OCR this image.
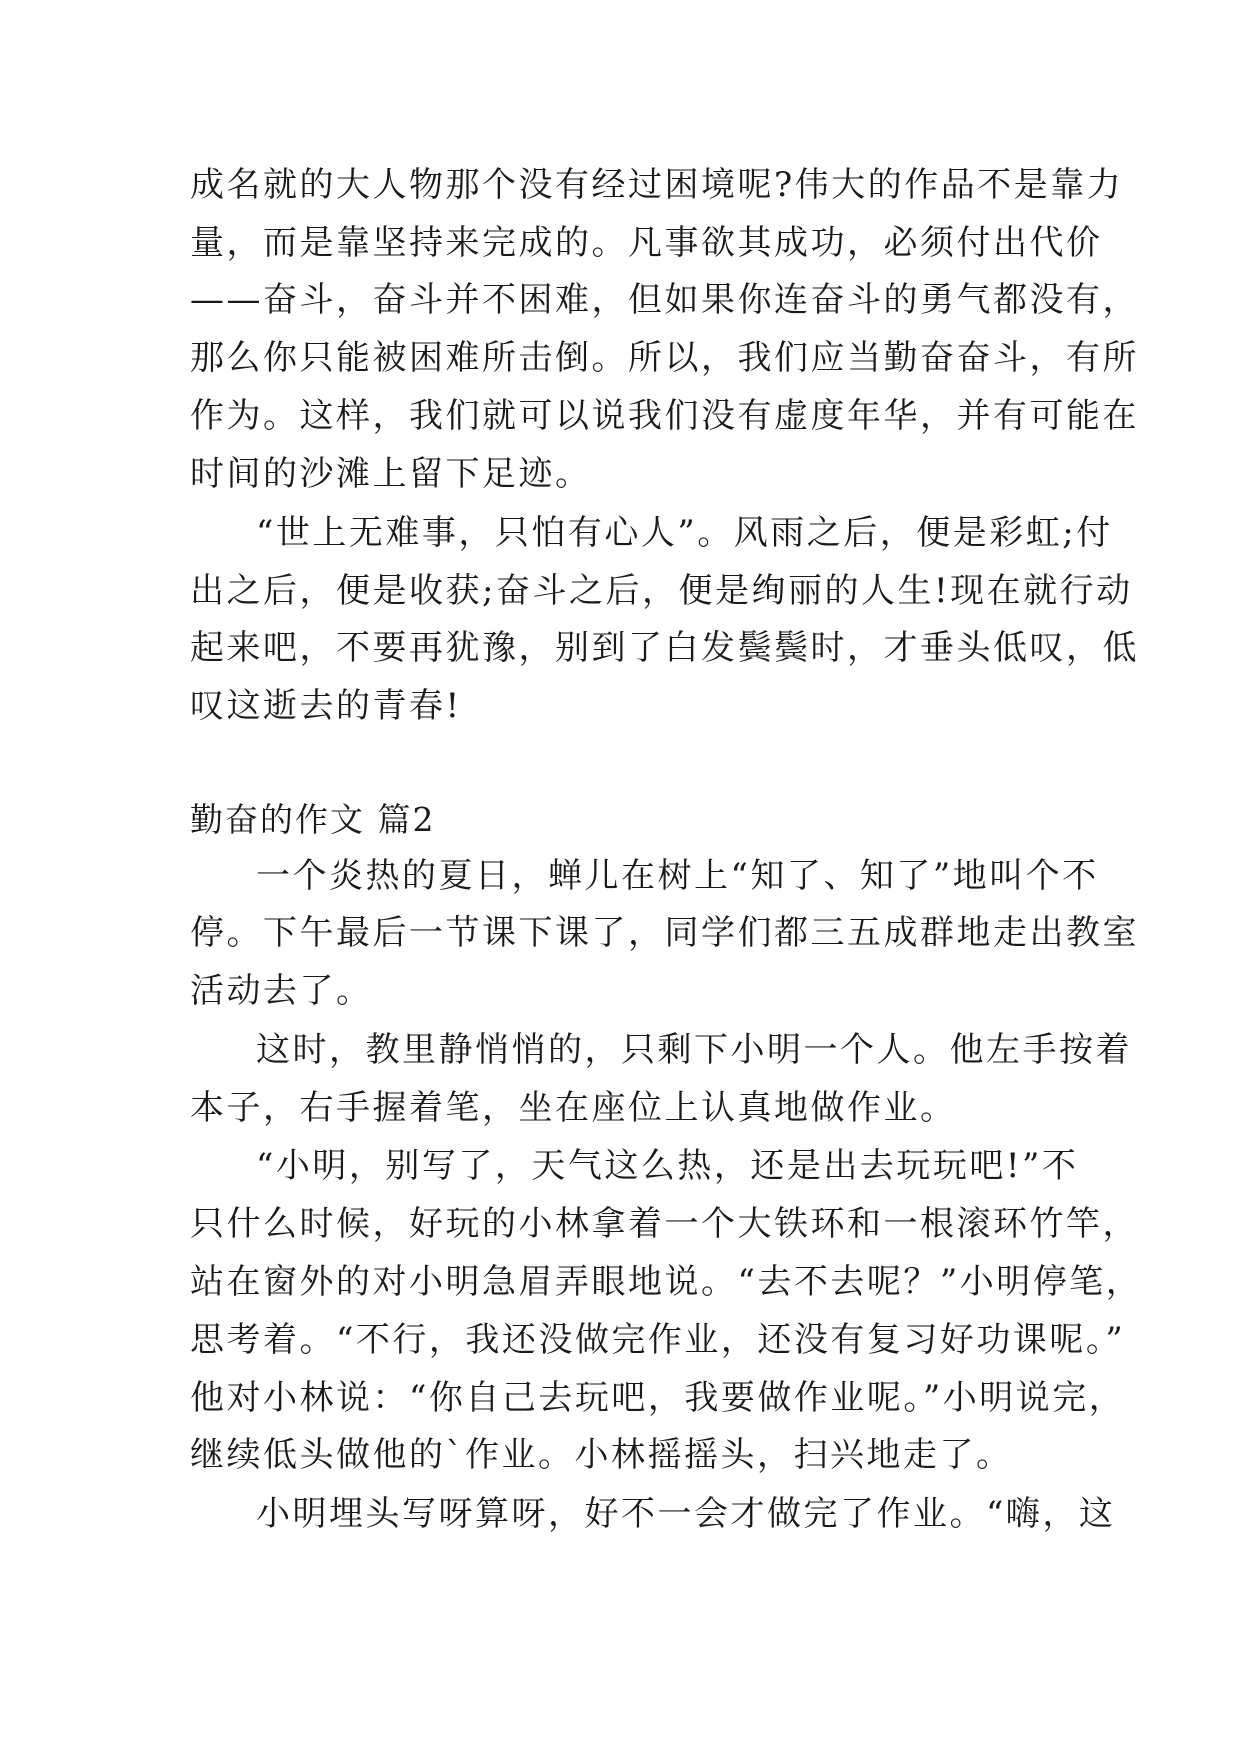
成名就的大人物那个没有经过困境呢?伟大的作品不是靠力
量，而是靠坚持来完成的。凡事欲其成功，必须付出代价
——奋斗，奋斗并不困难，但如果你连奋斗的勇气都没有，
那么你只能被困难所击倒。所以，我们应当勤奋奋斗，有所
作为。这样，我们就可以说我们没有虚度年华，并有可能在
时间的沙滩上留下足迹。
“世上无难事，只怕有心人”。风雨之后，便是彩虹;付
出之后，便是收获;奋斗之后，便是绚丽的人生!现在就行动
起来吧，不要再犹豫，别到了白发鬓鬓时，才垂头低叹，低
叹这逝去的青春!
勤奋的作文 篇2
一个炎热的夏日，蝉儿在树上“知了、知了”地叫个不
停。下午最后一节课下课了，同学们都三五成群地走出教室
活动去了。
这时，教里静悄悄的，只剩下小明一个人。他左手按着
本子，右手握着笔，坐在座位上认真地做作业。
“小明，别写了，天气这么热，还是出去玩玩吧!”不
只什么时候，好玩的小林拿着一个大铁环和一根滚环竹竿，
站在窗外的对小明急眉弄眼地说。“去不去呢？”小明停笔，
思考着。“不行，我还没做完作业，还没有复习好功课呢。”
他对小林说：“你自己去玩吧，我要做作业呢。”小明说完，
继续低头做他的`作业。小林摇摇头，扫兴地走了。
小明埋头写呀算呀，好不一会才做完了作业。“嗨，这
